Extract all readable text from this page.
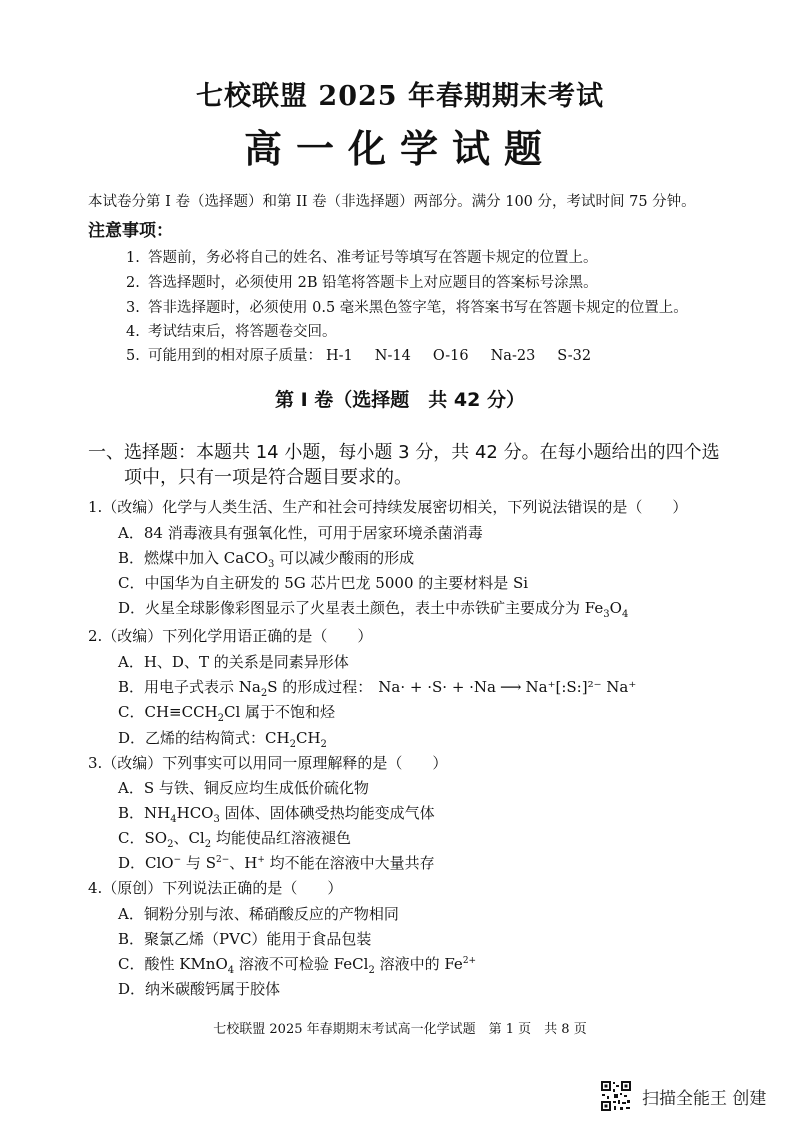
七校联盟 2025 年春期期末考试
高一化学试题
本试卷分第 I 卷（选择题）和第 II 卷（非选择题）两部分。满分 100 分，考试时间 75 分钟。
注意事项：
1. 答题前，务必将自己的姓名、准考证号等填写在答题卡规定的位置上。
2. 答选择题时，必须使用 2B 铅笔将答题卡上对应题目的答案标号涂黑。
3. 答非选择题时，必须使用 0.5 毫米黑色签字笔，将答案书写在答题卡规定的位置上。
4. 考试结束后，将答题卷交回。
5. 可能用到的相对原子质量： H-1 N-14 O-16 Na-23 S-32
第 I 卷（选择题　共 42 分）
一、选择题：本题共 14 小题，每小题 3 分，共 42 分。在每小题给出的四个选
项中，只有一项是符合题目要求的。
1.（改编）化学与人类生活、生产和社会可持续发展密切相关，下列说法错误的是（　　）
A．84 消毒液具有强氧化性，可用于居家环境杀菌消毒
B．燃煤中加入 CaCO$_3$ 可以减少酸雨的形成
C．中国华为自主研发的 5G 芯片巴龙 5000 的主要材料是 Si
D．火星全球影像彩图显示了火星表土颜色，表土中赤铁矿主要成分为 $Fe_3O_4$
2.（改编）下列化学用语正确的是（　　）
A．H、D、T 的关系是同素异形体
B．用电子式表示 $Na_2S$ 的形成过程： Na· + ·S· + ·Na ⟶ Na⁺[:S:]²⁻ Na⁺
C．$CH\equiv CCH_2Cl$ 属于不饱和烃
D．乙烯的结构简式：$CH_2CH_2$
3.（改编）下列事实可以用同一原理解释的是（　　）
A．S 与铁、铜反应均生成低价硫化物
B．$NH_4HCO_3$ 固体、固体碘受热均能变成气体
C．$SO_2$、$Cl_2$ 均能使品红溶液褪色
D．ClO− 与 $S^{2-}$、H+ 均不能在溶液中大量共存
4.（原创）下列说法正确的是（　　）
A．铜粉分别与浓、稀硝酸反应的产物相同
B．聚氯乙烯（PVC）能用于食品包装
C．酸性 KMnO$_4$ 溶液不可检验 FeCl$_2$ 溶液中的 $Fe^{2+}$
D．纳米碳酸钙属于胶体
七校联盟 2025 年春期期末考试高一化学试题　第 1 页　共 8 页
扫描全能王 创建
